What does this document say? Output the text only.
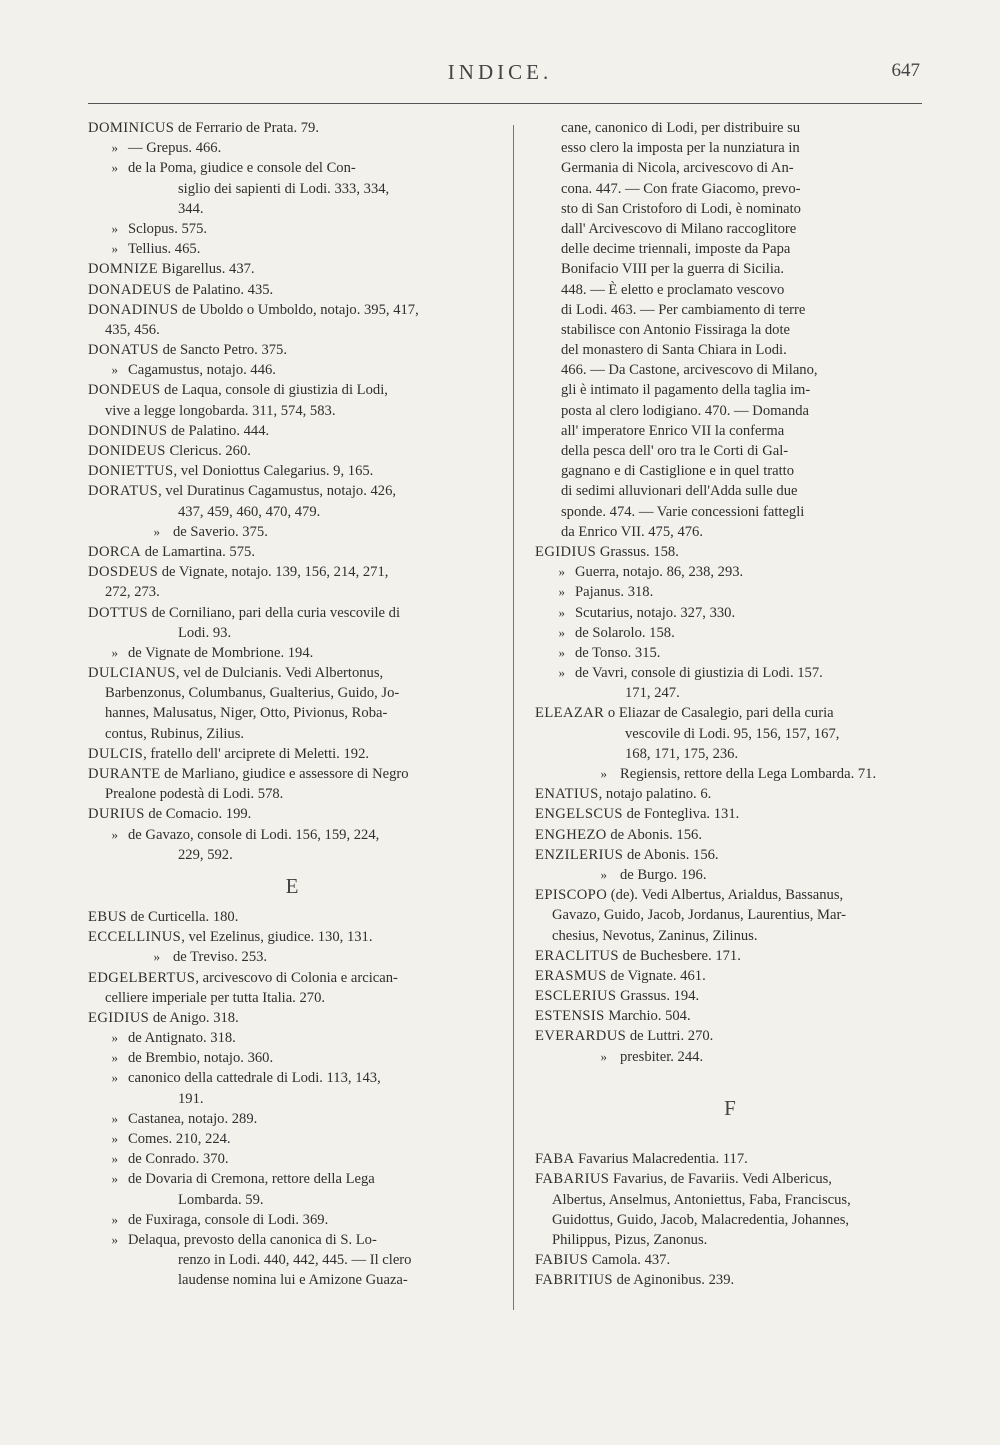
INDICE.	647
DOMINICUS de Ferrario de Prata. 79.
» — Grepus. 466.
» de la Poma, giudice e console del Con-
siglio dei sapienti di Lodi. 333, 334,
344.
» Sclopus. 575.
» Tellius. 465.
DOMNIZE Bigarellus. 437.
DONADEUS de Palatino. 435.
DONADINUS de Uboldo o Umboldo, notajo. 395, 417,
435, 456.
DONATUS de Sancto Petro. 375.
» Cagamustus, notajo. 446.
DONDEUS de Laqua, console di giustizia di Lodi,
vive a legge longobarda. 311, 574, 583.
DONDINUS de Palatino. 444.
DONIDEUS Clericus. 260.
DONIETTUS, vel Doniottus Calegarius. 9, 165.
DORATUS, vel Duratinus Cagamustus, notajo. 426,
437, 459, 460, 470, 479.
» de Saverio. 375.
DORCA de Lamartina. 575.
DOSDEUS de Vignate, notajo. 139, 156, 214, 271,
272, 273.
DOTTUS de Corniliano, pari della curia vescovile di
Lodi. 93.
» de Vignate de Mombrione. 194.
DULCIANUS, vel de Dulcianis. Vedi Albertonus,
Barbenzonus, Columbanus, Gualterius, Guido, Jo-
hannes, Malusatus, Niger, Otto, Pivionus, Roba-
contus, Rubinus, Zilius.
DULCIS, fratello dell' arciprete di Meletti. 192.
DURANTE de Marliano, giudice e assessore di Negro
Prealone podestà di Lodi. 578.
DURIUS de Comacio. 199.
» de Gavazo, console di Lodi. 156, 159, 224,
229, 592.
E
EBUS de Curticella. 180.
ECCELLINUS, vel Ezelinus, giudice. 130, 131.
» de Treviso. 253.
EDGELBERTUS, arcivescovo di Colonia e arcican-
celliere imperiale per tutta Italia. 270.
EGIDIUS de Anigo. 318.
» de Antignato. 318.
» de Brembio, notajo. 360.
» canonico della cattedrale di Lodi. 113, 143,
191.
» Castanea, notajo. 289.
» Comes. 210, 224.
» de Conrado. 370.
» de Dovaria di Cremona, rettore della Lega
Lombarda. 59.
» de Fuxiraga, console di Lodi. 369.
» Delaqua, prevosto della canonica di S. Lo-
renzo in Lodi. 440, 442, 445. — Il clero
laudense nomina lui e Amizone Guaza-
cane, canonico di Lodi, per distribuire su
esso clero la imposta per la nunziatura in
Germania di Nicola, arcivescovo di An-
cona. 447. — Con frate Giacomo, prevo-
sto di San Cristoforo di Lodi, è nominato
dall' Arcivescovo di Milano raccoglitore
delle decime triennali, imposte da Papa
Bonifacio VIII per la guerra di Sicilia.
448. — È eletto e proclamato vescovo
di Lodi. 463. — Per cambiamento di terre
stabilisce con Antonio Fissiraga la dote
del monastero di Santa Chiara in Lodi.
466. — Da Castone, arcivescovo di Milano,
gli è intimato il pagamento della taglia im-
posta al clero lodigiano. 470. — Domanda
all' imperatore Enrico VII la conferma
della pesca dell' oro tra le Corti di Gal-
gagnano e di Castiglione e in quel tratto
di sedimi alluvionari dell'Adda sulle due
sponde. 474. — Varie concessioni fattegli
da Enrico VII. 475, 476.
EGIDIUS Grassus. 158.
» Guerra, notajo. 86, 238, 293.
» Pajanus. 318.
» Scutarius, notajo. 327, 330.
» de Solarolo. 158.
» de Tonso. 315.
» de Vavri, console di giustizia di Lodi. 157.
171, 247.
ELEAZAR o Eliazar de Casalegio, pari della curia
vescovile di Lodi. 95, 156, 157, 167,
168, 171, 175, 236.
» Regiensis, rettore della Lega Lombarda. 71.
ENATIUS, notajo palatino. 6.
ENGELSCUS de Fontegliva. 131.
ENGHEZO de Abonis. 156.
ENZILERIUS de Abonis. 156.
» de Burgo. 196.
EPISCOPO (de). Vedi Albertus, Arialdus, Bassanus,
Gavazo, Guido, Jacob, Jordanus, Laurentius, Mar-
chesius, Nevotus, Zaninus, Zilinus.
ERACLITUS de Buchesbere. 171.
ERASMUS de Vignate. 461.
ESCLERIUS Grassus. 194.
ESTENSIS Marchio. 504.
EVERARDUS de Luttri. 270.
» presbiter. 244.
F
FABA Favarius Malacredentia. 117.
FABARIUS Favarius, de Favariis. Vedi Albericus,
Albertus, Anselmus, Antoniettus, Faba, Franciscus,
Guidottus, Guido, Jacob, Malacredentia, Johannes,
Philippus, Pizus, Zanonus.
FABIUS Camola. 437.
FABRITIUS de Aginonibus. 239.
